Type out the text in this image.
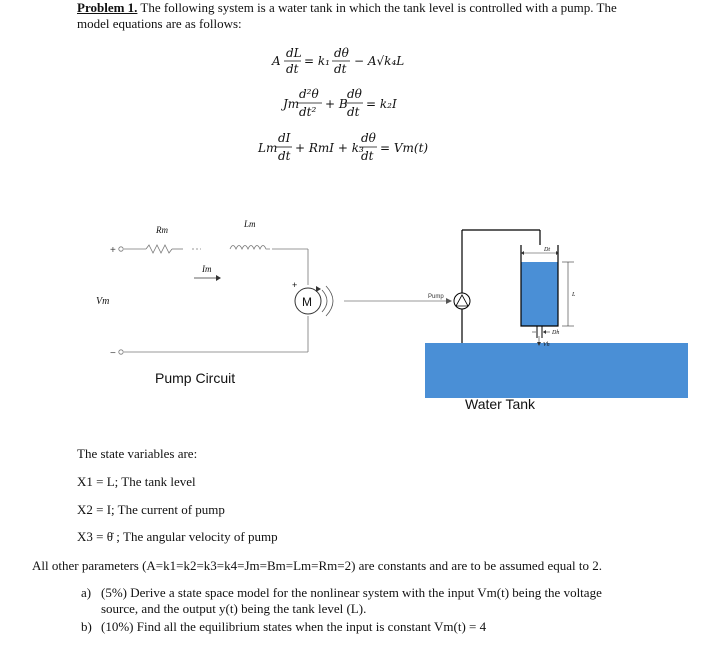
Problem 1. The following system is a water tank in which the tank level is controlled with a pump. The
model equations are as follows:
A
dL
dt
= k₁
dθ
dt
− A√k₄L
Jm
d²θ
dt²
+ B
dθ
dt
= k₂I
Lm
dI
dt
+ RmI + k₃
dθ
dt
= Vm(t)
M
+
Rm
Lm
Im
Vm
+
−
Pump Circuit
Pump
Dt
L
Dh
Vh
Water Tank
The state variables are:
X1 = L; The tank level
X2 = I; The current of pump
X3 = θ̇ ; The angular velocity of pump
All other parameters (A=k1=k2=k3=k4=Jm=Bm=Lm=Rm=2) are constants and are to be assumed equal to 2.
a) (5%) Derive a state space model for the nonlinear system with the input Vm(t) being the voltage
source, and the output y(t) being the tank level (L).
b) (10%) Find all the equilibrium states when the input is constant Vm(t) = 4
